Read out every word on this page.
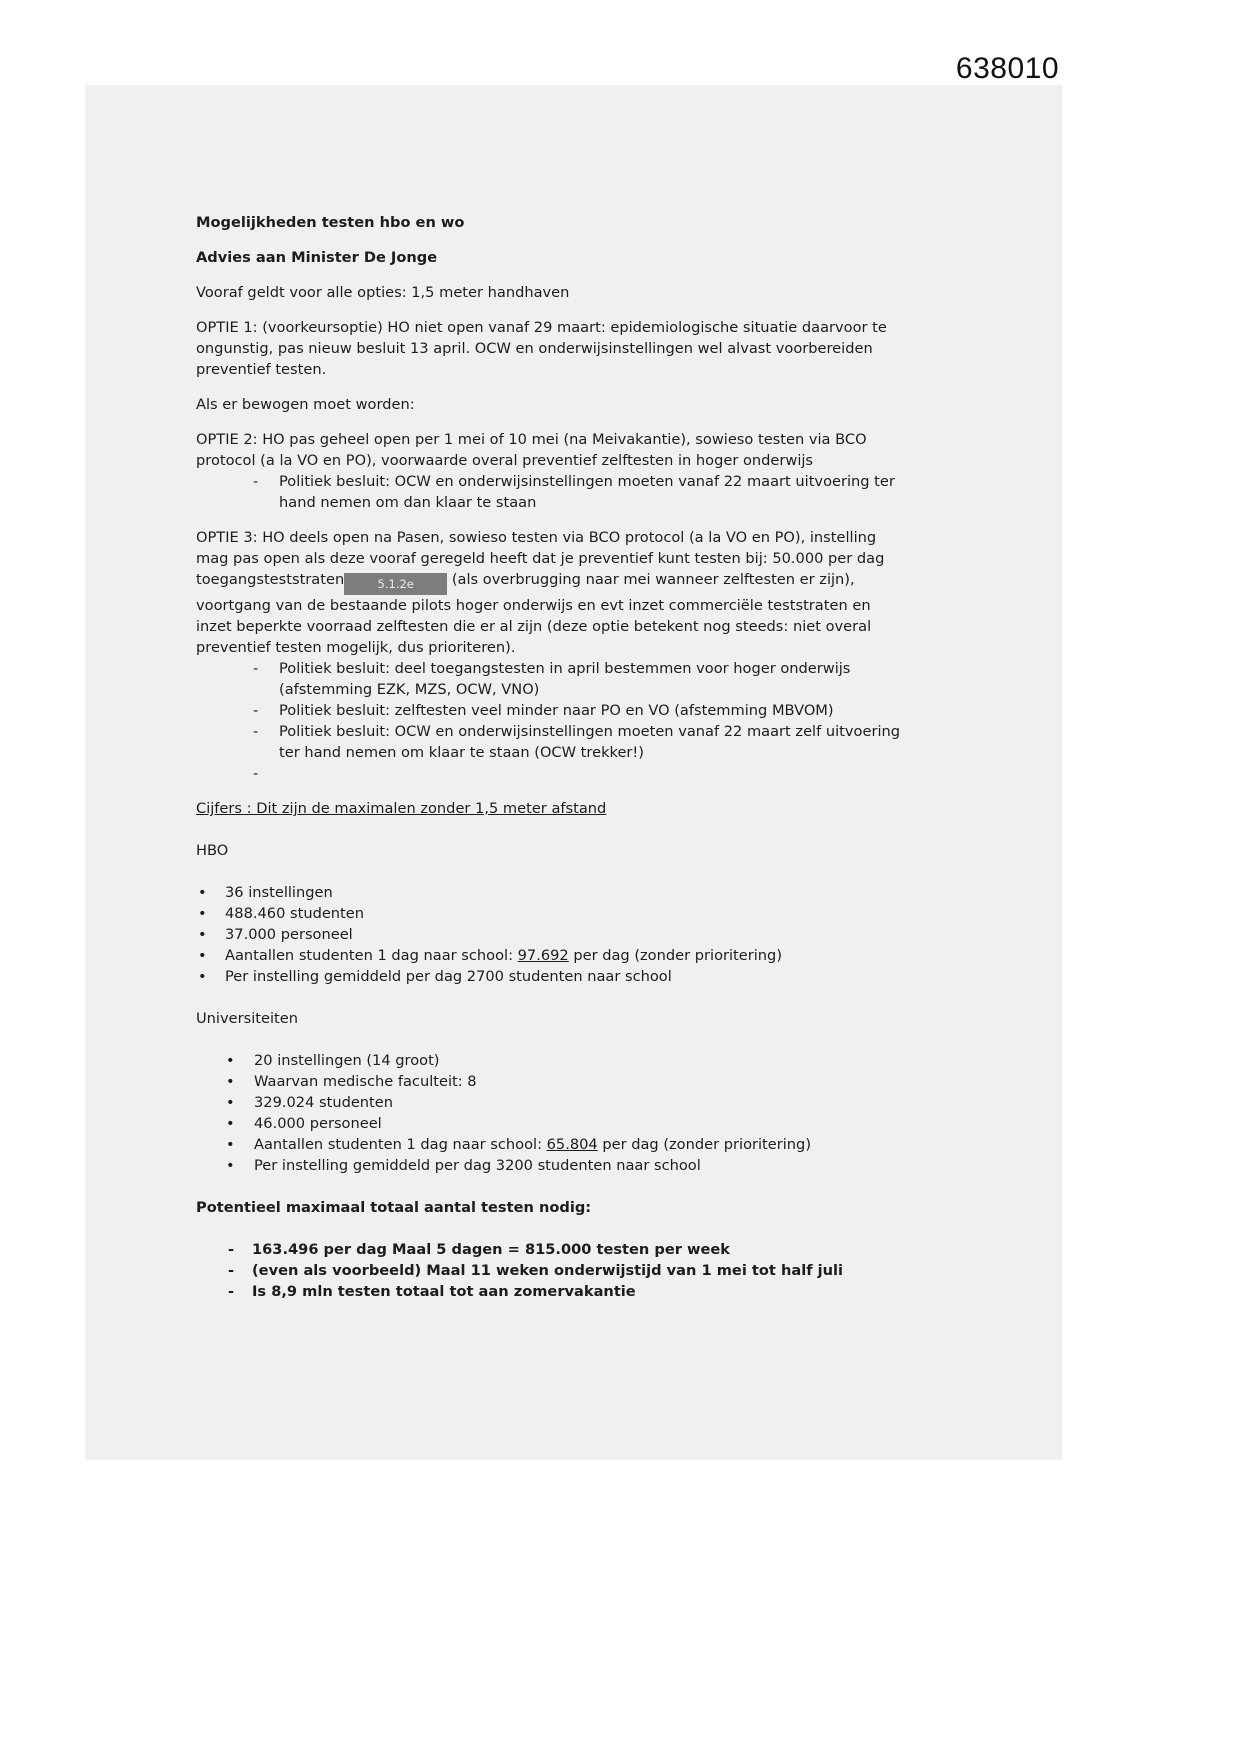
638010
Mogelijkheden testen hbo en wo
Advies aan Minister De Jonge
Vooraf geldt voor alle opties: 1,5 meter handhaven
OPTIE 1: (voorkeursoptie) HO niet open vanaf 29 maart: epidemiologische situatie daarvoor te ongunstig, pas nieuw besluit 13 april. OCW en onderwijsinstellingen wel alvast voorbereiden preventief testen.
Als er bewogen moet worden:
OPTIE 2: HO pas geheel open per 1 mei of 10 mei (na Meivakantie), sowieso testen via BCO protocol (a la VO en PO), voorwaarde overal preventief zelftesten in hoger onderwijs
-	Politiek besluit: OCW en onderwijsinstellingen moeten vanaf 22 maart uitvoering ter hand nemen om dan klaar te staan
OPTIE 3: HO deels open na Pasen, sowieso testen via BCO protocol (a la VO en PO), instelling mag pas open als deze vooraf geregeld heeft dat je preventief kunt testen bij: 50.000 per dag toegangsteststraten	5.1.2e	(als overbrugging naar mei wanneer zelftesten er zijn), voortgang van de bestaande pilots hoger onderwijs en evt inzet commerciële teststraten en inzet beperkte voorraad zelftesten die er al zijn (deze optie betekent nog steeds: niet overal preventief testen mogelijk, dus prioriteren).
-	Politiek besluit: deel toegangstesten in april bestemmen voor hoger onderwijs (afstemming EZK, MZS, OCW, VNO)
-	Politiek besluit: zelftesten veel minder naar PO en VO (afstemming MBVOM)
-	Politiek besluit: OCW en onderwijsinstellingen moeten vanaf 22 maart zelf uitvoering ter hand nemen om klaar te staan (OCW trekker!)
-
Cijfers : Dit zijn de maximalen zonder 1,5 meter afstand
HBO
•	36 instellingen
•	488.460 studenten
•	37.000 personeel
•	Aantallen studenten 1 dag naar school: 97.692 per dag (zonder prioritering)
•	Per instelling gemiddeld per dag 2700 studenten naar school
Universiteiten
•	20 instellingen (14 groot)
•	Waarvan medische faculteit: 8
•	329.024 studenten
•	46.000 personeel
•	Aantallen studenten 1 dag naar school: 65.804 per dag (zonder prioritering)
•	Per instelling gemiddeld per dag 3200 studenten naar school
Potentieel maximaal totaal aantal testen nodig:
-	163.496 per dag Maal 5 dagen = 815.000 testen per week
-	(even als voorbeeld) Maal 11 weken onderwijstijd van 1 mei tot half juli
-	Is 8,9 mln testen totaal tot aan zomervakantie
